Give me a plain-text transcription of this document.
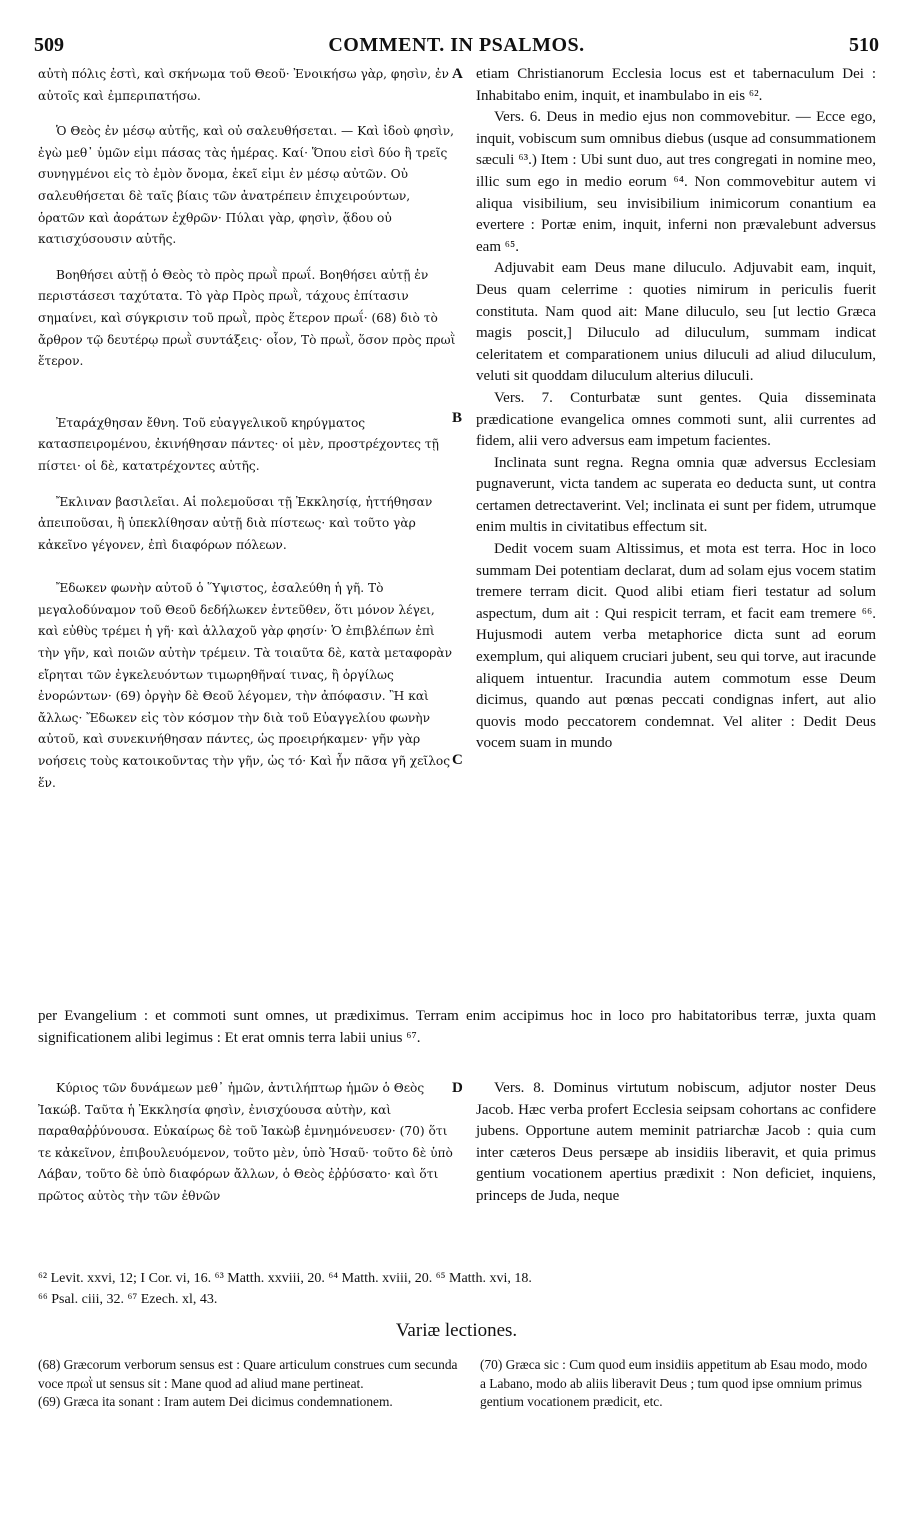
509	COMMENT. IN PSALMOS.	510

αὐτὴ πόλις ἐστὶ, καὶ σκήνωμα τοῦ Θεοῦ· Ἐνοικήσω γὰρ, φησὶν, ἐν αὐτοῖς καὶ ἐμπεριπατήσω.

Ὁ Θεὸς ἐν μέσῳ αὐτῆς, καὶ οὐ σαλευθήσεται. — Καὶ ἰδοὺ φησὶν, ἐγὼ μεθ᾽ ὑμῶν εἰμι πάσας τὰς ἡμέρας. Καί· Ὅπου εἰσὶ δύο ἢ τρεῖς συνηγμένοι εἰς τὸ ἐμὸν ὄνομα, ἐκεῖ εἰμι ἐν μέσῳ αὐτῶν. Οὐ σαλευθήσεται δὲ ταῖς βίαις τῶν ἀνατρέπειν ἐπιχειρούντων, ὁρατῶν καὶ ἀοράτων ἐχθρῶν· Πύλαι γὰρ, φησὶν, ᾅδου οὐ κατισχύσουσιν αὐτῆς.

Βοηθήσει αὐτῇ ὁ Θεὸς τὸ πρὸς πρωῒ πρωΐ. Βοηθήσει αὐτῇ ἐν περιστάσεσι ταχύτατα. Τὸ γὰρ Πρὸς πρωῒ, τάχους ἐπίτασιν σημαίνει, καὶ σύγκρισιν τοῦ πρωῒ, πρὸς ἕτερον πρωΐ· (68) διὸ τὸ ἄρθρον τῷ δευτέρῳ πρωῒ συντάξεις· οἷον, Τὸ πρωῒ, ὅσον πρὸς πρωῒ ἕτερον.

Ἐταράχθησαν ἔθνη. Τοῦ εὐαγγελικοῦ κηρύγματος κατασπειρομένου, ἐκινήθησαν πάντες· οἱ μὲν, προστρέχοντες τῇ πίστει· οἱ δὲ, κατατρέχοντες αὐτῆς.

Ἔκλιναν βασιλεῖαι. Αἱ πολεμοῦσαι τῇ Ἐκκλησίᾳ, ἡττήθησαν ἀπειποῦσαι, ἢ ὑπεκλίθησαν αὐτῇ διὰ πίστεως· καὶ τοῦτο γὰρ κἀκεῖνο γέγονεν, ἐπὶ διαφόρων πόλεων.

Ἔδωκεν φωνὴν αὐτοῦ ὁ Ὕψιστος, ἐσαλεύθη ἡ γῆ. Τὸ μεγαλοδύναμον τοῦ Θεοῦ δεδήλωκεν ἐντεῦθεν, ὅτι μόνον λέγει, καὶ εὐθὺς τρέμει ἡ γῆ· καὶ ἀλλαχοῦ γὰρ φησίν· Ὁ ἐπιβλέπων ἐπὶ τὴν γῆν, καὶ ποιῶν αὐτὴν τρέμειν. Τὰ τοιαῦτα δὲ, κατὰ μεταφορὰν εἴρηται τῶν ἐγκελευόντων τιμωρηθῆναί τινας, ἢ ὀργίλως ἐνορώντων· (69) ὀργὴν δὲ Θεοῦ λέγομεν, τὴν ἀπόφασιν. Ἢ καὶ ἄλλως· Ἔδωκεν εἰς τὸν κόσμον τὴν διὰ τοῦ Εὐαγγελίου φωνὴν αὐτοῦ, καὶ συνεκινήθησαν πάντες, ὡς προειρήκαμεν· γῆν γὰρ νοήσεις τοὺς κατοικοῦντας τὴν γῆν, ὡς τό· Καὶ ἦν πᾶσα γῆ χεῖλος ἕν.

etiam Christianorum Ecclesia locus est et tabernaculum Dei : Inhabitabo enim, inquit, et inambulabo in eis ⁶².

Vers. 6. Deus in medio ejus non commovebitur. — Ecce ego, inquit, vobiscum sum omnibus diebus (usque ad consummationem sæculi ⁶³.) Item : Ubi sunt duo, aut tres congregati in nomine meo, illic sum ego in medio eorum ⁶⁴. Non commovebitur autem vi aliqua visibilium, seu invisibilium inimicorum conantium ea evertere : Portæ enim, inquit, inferni non prævalebunt adversus eam ⁶⁵.

Adjuvabit eam Deus mane diluculo. Adjuvabit eam, inquit, Deus quam celerrime : quoties nimirum in periculis fuerit constituta. Nam quod ait: Mane diluculo, seu [ut lectio Græca magis poscit,] Diluculo ad diluculum, summam indicat celeritatem et comparationem unius diluculi ad aliud diluculum, veluti sit quoddam diluculum alterius diluculi.

Vers. 7. Conturbatæ sunt gentes. Quia disseminata prædicatione evangelica omnes commoti sunt, alii currentes ad fidem, alii vero adversus eam impetum facientes.

Inclinata sunt regna. Regna omnia quæ adversus Ecclesiam pugnaverunt, victa tandem ac superata eo deducta sunt, ut contra certamen detrectaverint. Vel; inclinata ei sunt per fidem, utrumque enim multis in civitatibus effectum sit.

Dedit vocem suam Altissimus, et mota est terra. Hoc in loco summam Dei potentiam declarat, dum ad solam ejus vocem statim tremere terram dicit. Quod alibi etiam fieri testatur ad solum aspectum, dum ait : Qui respicit terram, et facit eam tremere ⁶⁶. Hujusmodi autem verba metaphorice dicta sunt ad eorum exemplum, qui aliquem cruciari jubent, seu qui torve, aut iracunde aliquem intuentur. Iracundia autem commotum esse Deum dicimus, quando aut pœnas peccati condignas infert, aut alio quovis modo peccatorem condemnat. Vel aliter : Dedit Deus vocem suam in mundo

A
B
C
D

per Evangelium : et commoti sunt omnes, ut prædiximus. Terram enim accipimus hoc in loco pro habitatoribus terræ, juxta quam significationem alibi legimus : Et erat omnis terra labii unius ⁶⁷.

Κύριος τῶν δυνάμεων μεθ᾽ ἡμῶν, ἀντιλήπτωρ ἡμῶν ὁ Θεὸς Ἰακώβ. Ταῦτα ἡ Ἐκκλησία φησὶν, ἐνισχύουσα αὐτὴν, καὶ παραθαῤῥύνουσα. Εὐκαίρως δὲ τοῦ Ἰακὼβ ἐμνημόνευσεν· (70) ὅτι τε κἀκεῖνον, ἐπιβουλευόμενον, τοῦτο μὲν, ὑπὸ Ἡσαῦ· τοῦτο δὲ ὑπὸ Λάβαν, τοῦτο δὲ ὑπὸ διαφόρων ἄλλων, ὁ Θεὸς ἐῤῥύσατο· καὶ ὅτι πρῶτος αὐτὸς τὴν τῶν ἐθνῶν

Vers. 8. Dominus virtutum nobiscum, adjutor noster Deus Jacob. Hæc verba profert Ecclesia seipsam cohortans ac confidere jubens. Opportune autem meminit patriarchæ Jacob : quia cum inter cæteros Deus persæpe ab insidiis liberavit, et quia primus gentium vocationem apertius prædixit : Non deficiet, inquiens, princeps de Juda, neque

⁶² Levit. xxvi, 12; I Cor. vi, 16. ⁶³ Matth. xxviii, 20. ⁶⁴ Matth. xviii, 20. ⁶⁵ Matth. xvi, 18.

⁶⁶ Psal. ciii, 32. ⁶⁷ Ezech. xl, 43.

Variæ lectiones.

(68) Græcorum verborum sensus est : Quare articulum construes cum secunda voce πρωῒ ut sensus sit : Mane quod ad aliud mane pertineat.

(69) Græca ita sonant : Iram autem Dei dicimus condemnationem.

(70) Græca sic : Cum quod eum insidiis appetitum ab Esau modo, modo a Labano, modo ab aliis liberavit Deus ; tum quod ipse omnium primus gentium vocationem prædicit, etc.
